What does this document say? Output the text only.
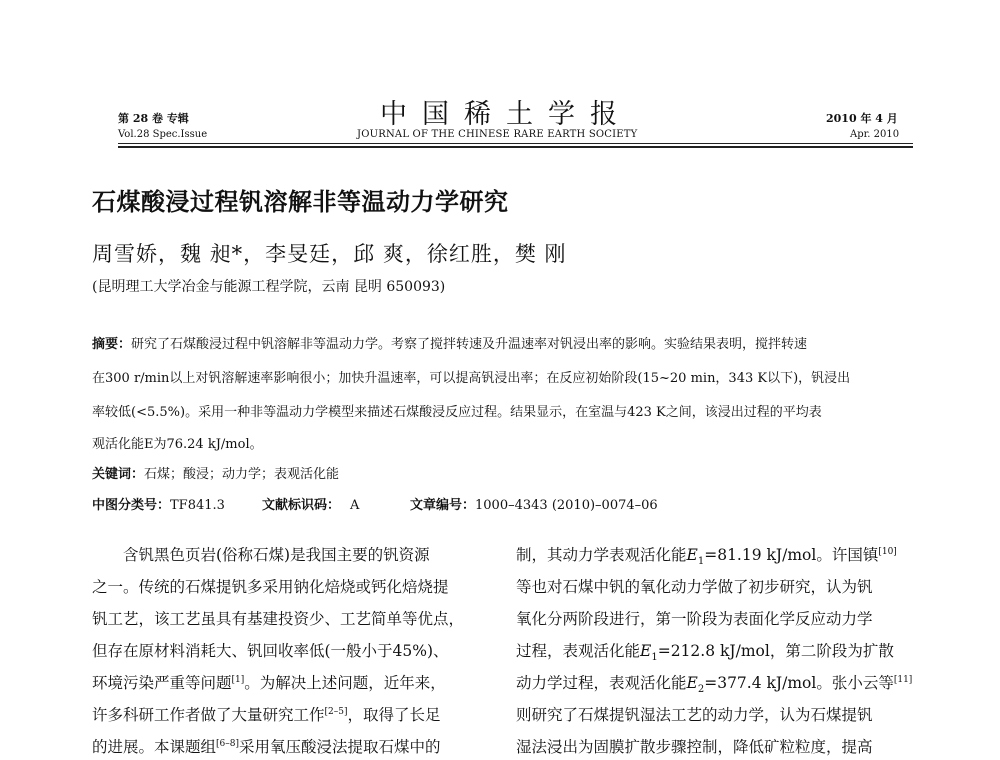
第 28 卷 专辑
Vol.28 Spec.Issue
中国稀土学报
JOURNAL OF THE CHINESE RARE EARTH SOCIETY
2010 年 4 月
Apr. 2010
石煤酸浸过程钒溶解非等温动力学研究
周雪娇，魏 昶*，李旻廷，邱 爽，徐红胜，樊 刚
(昆明理工大学冶金与能源工程学院，云南 昆明 650093)
摘要：研究了石煤酸浸过程中钒溶解非等温动力学。考察了搅拌转速及升温速率对钒浸出率的影响。实验结果表明，搅拌转速
在300 r/min以上对钒溶解速率影响很小；加快升温速率，可以提高钒浸出率；在反应初始阶段(15~20 min，343 K以下)，钒浸出
率较低(<5.5%)。采用一种非等温动力学模型来描述石煤酸浸反应过程。结果显示，在室温与423 K之间，该浸出过程的平均表
观活化能E为76.24 kJ/mol。
关键词：石煤；酸浸；动力学；表观活化能
中图分类号：TF841.3	文献标识码： A	文章编号：1000–4343 (2010)–0074–06
　　含钒黑色页岩(俗称石煤)是我国主要的钒资源
之一。传统的石煤提钒多采用钠化焙烧或钙化焙烧提
钒工艺，该工艺虽具有基建投资少、工艺简单等优点，
但存在原材料消耗大、钒回收率低(一般小于45%)、
环境污染严重等问题[1]。为解决上述问题，近年来，
许多科研工作者做了大量研究工作[2–5]，取得了长足
的进展。本课题组[6–8]采用氧压酸浸法提取石煤中的
制，其动力学表观活化能$E_1=81.19$ kJ/mol。许国镇[10]
等也对石煤中钒的氧化动力学做了初步研究，认为钒
氧化分两阶段进行，第一阶段为表面化学反应动力学
过程，表观活化能$E_1=212.8$ kJ/mol，第二阶段为扩散
动力学过程，表观活化能$E_2=377.4$ kJ/mol。张小云等[11]
则研究了石煤提钒湿法工艺的动力学，认为石煤提钒
湿法浸出为固膜扩散步骤控制，降低矿粒粒度，提高
